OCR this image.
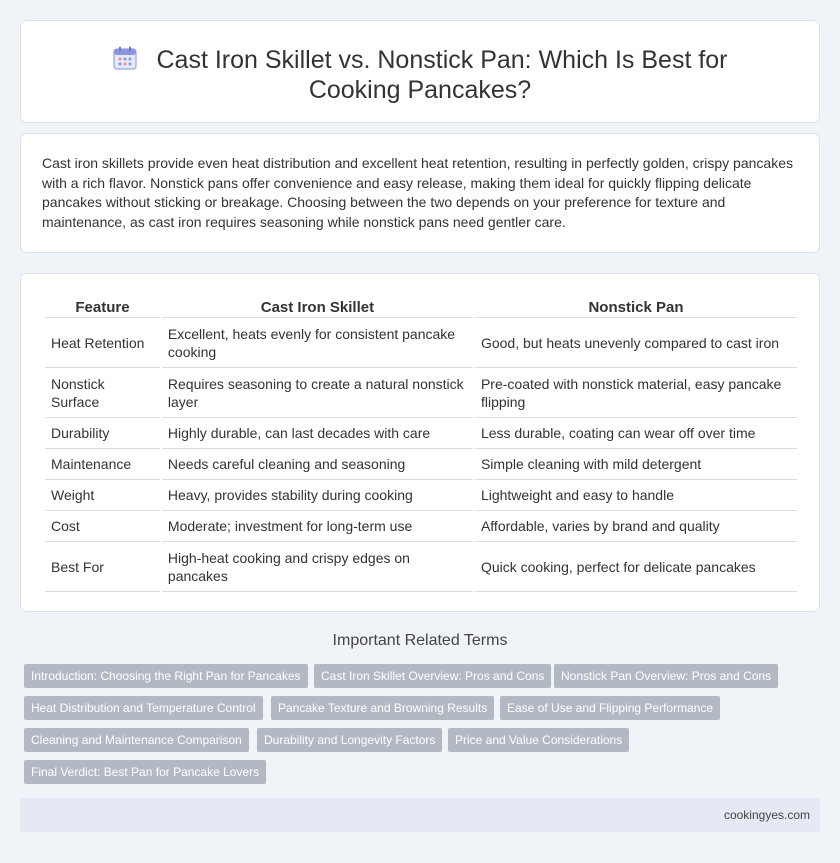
Cast Iron Skillet vs. Nonstick Pan: Which Is Best for Cooking Pancakes?

Cast iron skillets provide even heat distribution and excellent heat retention, resulting in perfectly golden, crispy pancakes with a rich flavor. Nonstick pans offer convenience and easy release, making them ideal for quickly flipping delicate pancakes without sticking or breakage. Choosing between the two depends on your preference for texture and maintenance, as cast iron requires seasoning while nonstick pans need gentler care.

Feature	Cast Iron Skillet	Nonstick Pan
Heat Retention	Excellent, heats evenly for consistent pancake cooking	Good, but heats unevenly compared to cast iron
Nonstick Surface	Requires seasoning to create a natural nonstick layer	Pre-coated with nonstick material, easy pancake flipping
Durability	Highly durable, can last decades with care	Less durable, coating can wear off over time
Maintenance	Needs careful cleaning and seasoning	Simple cleaning with mild detergent
Weight	Heavy, provides stability during cooking	Lightweight and easy to handle
Cost	Moderate; investment for long-term use	Affordable, varies by brand and quality
Best For	High-heat cooking and crispy edges on pancakes	Quick cooking, perfect for delicate pancakes
Important Related Terms
Introduction: Choosing the Right Pan for Pancakes	Cast Iron Skillet Overview: Pros and Cons	Nonstick Pan Overview: Pros and Cons
Heat Distribution and Temperature Control	Pancake Texture and Browning Results	Ease of Use and Flipping Performance
Cleaning and Maintenance Comparison	Durability and Longevity Factors	Price and Value Considerations
Final Verdict: Best Pan for Pancake Lovers
cookingyes.com
